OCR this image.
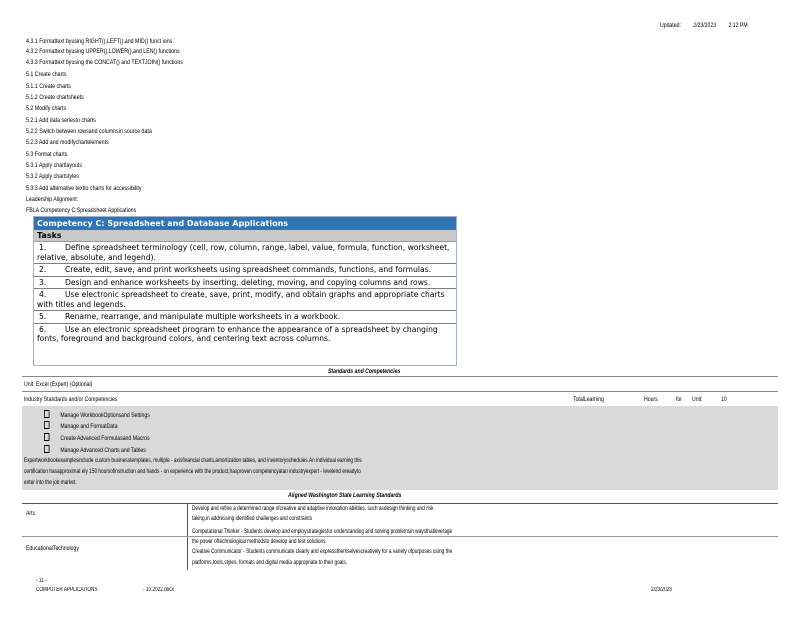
Updated: 2/23/2023 2:12 PM
4.3.1 Formattext byusing RIGHT(),LEFT(),and MID() funct ions
4.3.2 Formattext byusing UPPER(),LOWER(),and LEN() functions
4.3.3 Formattext byusing the CONCAT() and TEXTJOIN() functions
5.1 Create charts
5.1.1 Create charts
5.1.2 Create chartsheets
5.2 Modify charts
5.2.1 Add data seriesto charts
5.2.2 Switch between rowsand columnsin source data
5.2.3 Add and modifychartelements
5.3 Format charts
5.3.1 Apply chartlayouts
5.3.2 Apply chartstyles
5.3.3 Add alternative textto charts for accessibility
Leadership Alignment:
FBLA Competency C:Spreadsheet Applications
Competency C: Spreadsheet and Database Applications
Tasks
1. Define spreadsheet terminology (cell, row, column, range, label, value, formula, function, worksheet, relative, absolute, and legend).
2. Create, edit, save, and print worksheets using spreadsheet commands, functions, and formulas.
3. Design and enhance worksheets by inserting, deleting, moving, and copying columns and rows.
4. Use electronic spreadsheet to create, save, print, modify, and obtain graphs and appropriate charts with titles and legends.
5. Rename, rearrange, and manipulate multiple worksheets in a workbook.
6. Use an electronic spreadsheet program to enhance the appearance of a spreadsheet by changing fonts, foreground and background colors, and centering text across columns.
Standards and Competencies
Unit: Excel (Expert) (Optional)
Industry Standards and/or Competencies	TotalLearning	Hours	for Unit:	10
Manage WorkbookOptionsand Settings
Manage and FormatData
Create Advanced Formulasand Macros
Manage Advanced Charts and Tables
Expertworkbookexamplesinclude custom businesstemplates, multiple - axisfinancial charts,amortization tables, and inventoryschedules.An individual earning this
certification hasapproximat ely 150 hoursofinstruction and hands - on experience with the product,hasproven competencyatan industryexpert - levelend ereadyto
enter into the job market.
Aligned Washington State Learning Standards
Arts
Develop and refine a determined range ofcreative and adaptive innovation abilities, such asdesign thinking and risk
taking,in addressing identified challenges and constraints
EducationalTechnology
Computational Thinker - Students develop and employstrategiesfor understanding and solving problemsin waysthatleverage
the power oftechnological methodsto develop and test solutions
Creative Communicator - Students communicate clearly and expressthemselvescreatively for a variety ofpurposes using the
platforms,tools,styles, formats and digital media appropriate to their goals.
- 11 -
COMPUTER APPLICATIONS	- 10.2022.docx	2/23/2023
